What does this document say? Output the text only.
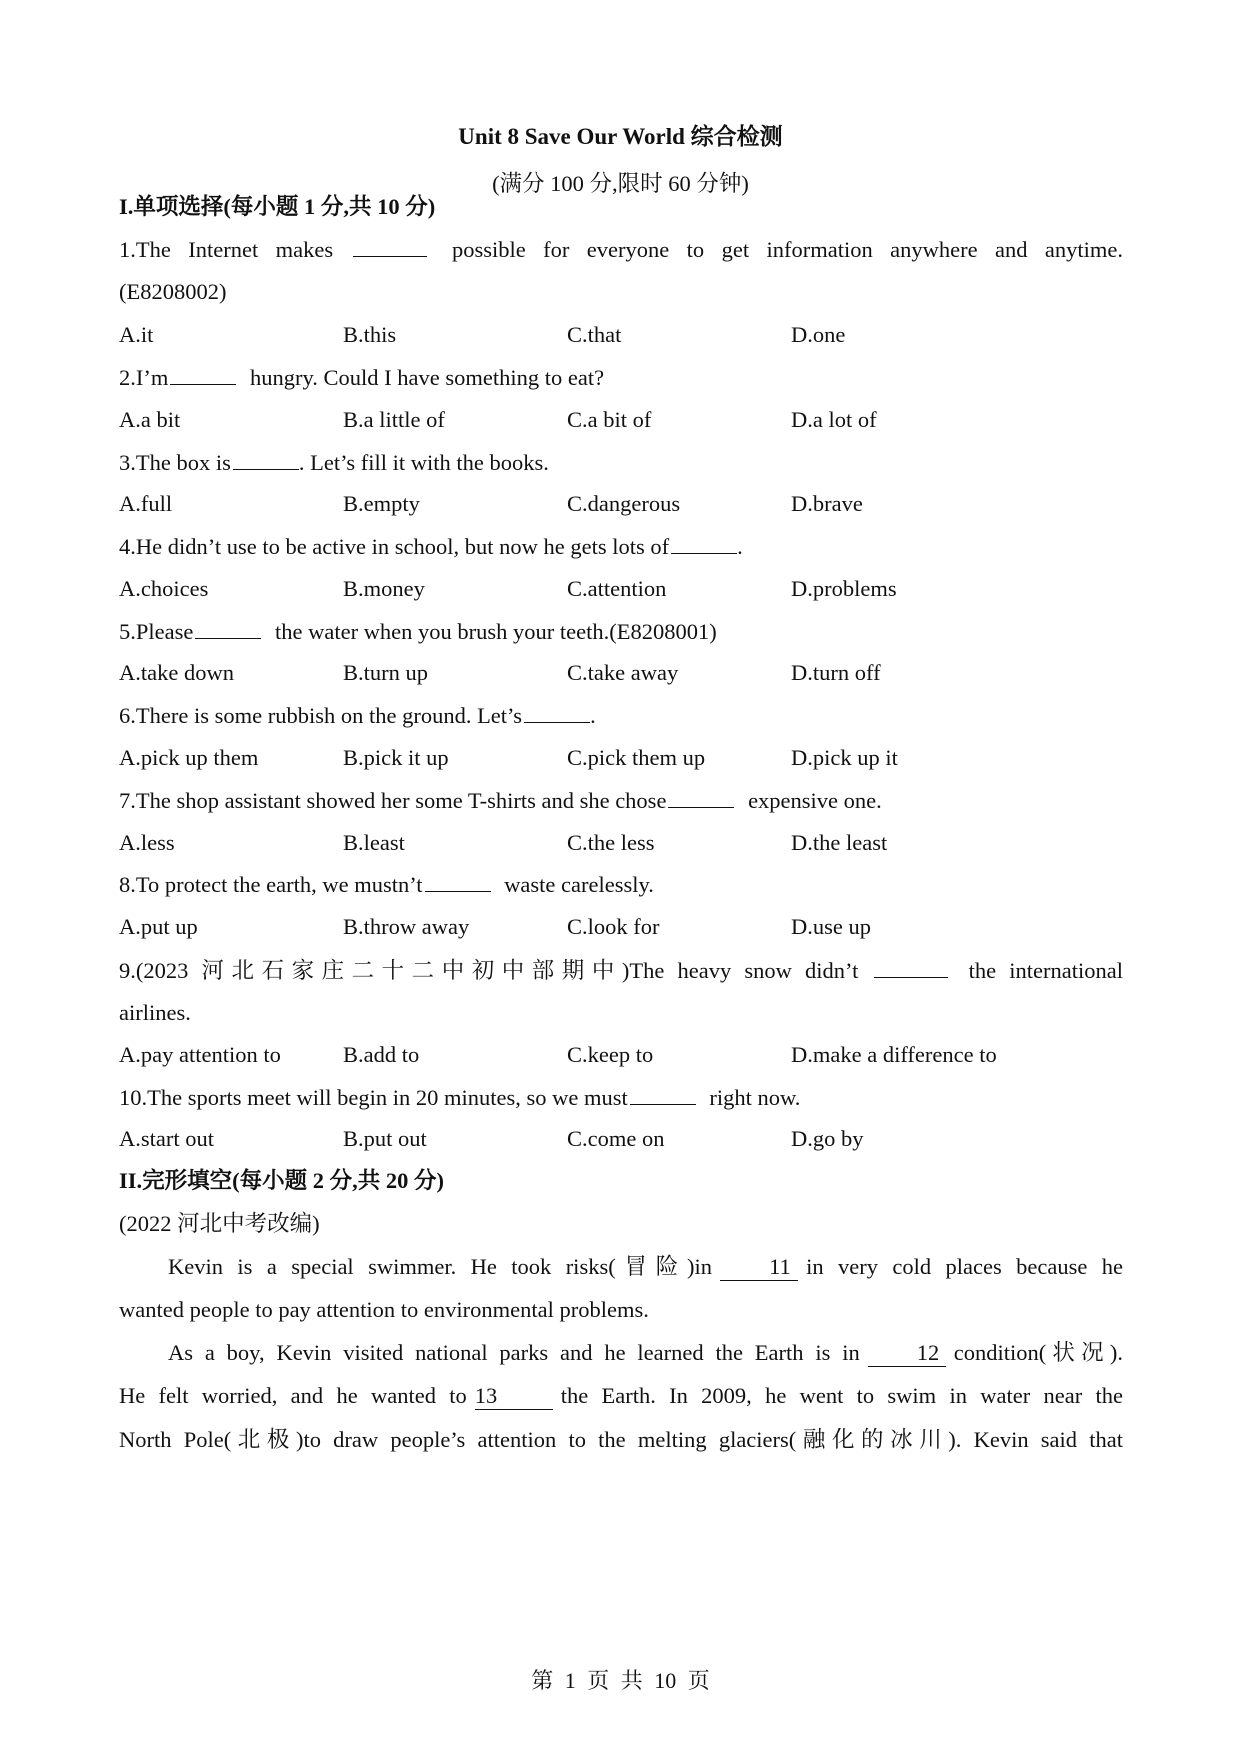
Unit 8 Save Our World 综合检测
(满分 100 分,限时 60 分钟)
I.单项选择(每小题 1 分,共 10 分)
1.The Internet makes	possible for everyone to get information anywhere and anytime.
(E8208002)
A.it	B.this	C.that	D.one
2.I’m	hungry. Could I have something to eat?
A.a bit	B.a little of	C.a bit of	D.a lot of
3.The box is	. Let’s fill it with the books.
A.full	B.empty	C.dangerous	D.brave
4.He didn’t use to be active in school, but now he gets lots of	.
A.choices	B.money	C.attention	D.problems
5.Please	the water when you brush your teeth.(E8208001)
A.take down	B.turn up	C.take away	D.turn off
6.There is some rubbish on the ground. Let’s	.
A.pick up them	B.pick it up	C.pick them up	D.pick up it
7.The shop assistant showed her some T-shirts and she chose	expensive one.
A.less	B.least	C.the less	D.the least
8.To protect the earth, we mustn’t	waste carelessly.
A.put up	B.throw away	C.look for	D.use up
9.(2023 河北石家庄二十二中初中部期中)The heavy snow didn’t	the international
airlines.
A.pay attention to	B.add to	C.keep to	D.make a difference to
10.The sports meet will begin in 20 minutes, so we must	right now.
A.start out	B.put out	C.come on	D.go by
II.完形填空(每小题 2 分,共 20 分)
(2022 河北中考改编)
Kevin is a special swimmer. He took risks(冒险)in	11 in very cold places because he
wanted people to pay attention to environmental problems.
As a boy, Kevin visited national parks and he learned the Earth is in	12 condition(状况).
He felt worried, and he wanted to 13	the Earth. In 2009, he went to swim in water near the
North Pole(北极)to draw people’s attention to the melting glaciers(融化的冰川). Kevin said that
第 1 页 共 10 页
